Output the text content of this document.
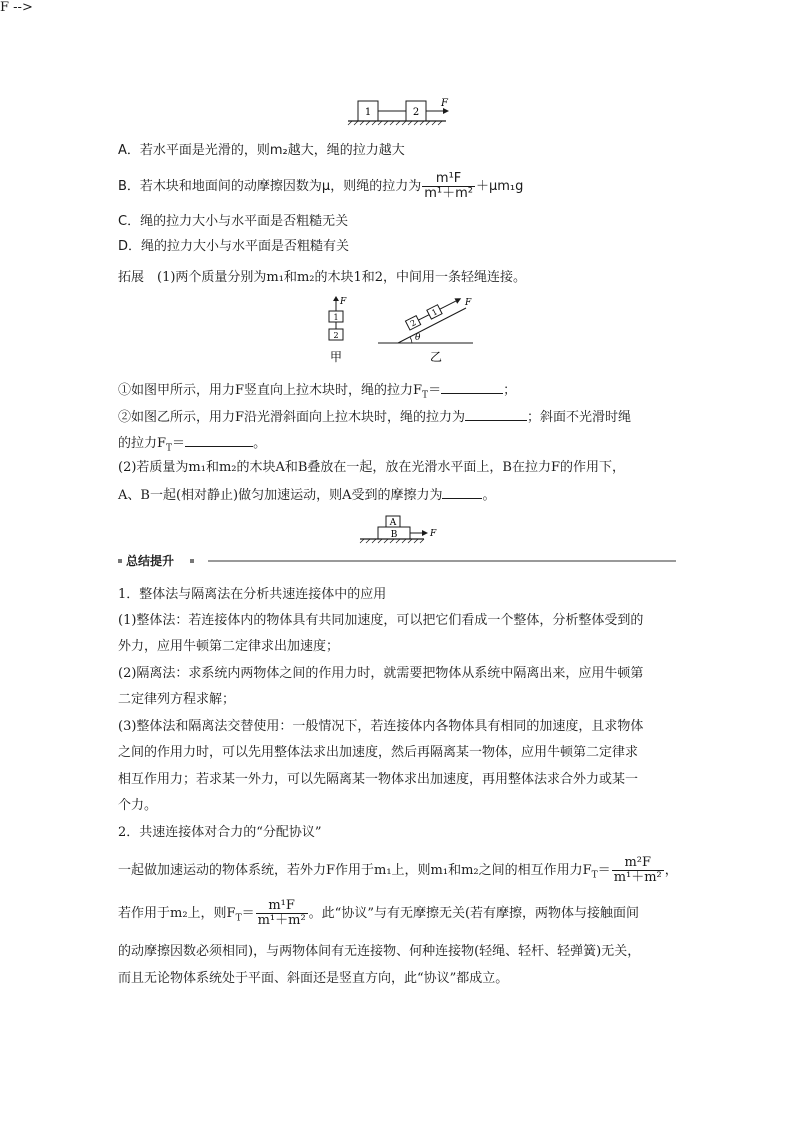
F -->
1	2
F
A．若水平面是光滑的，则m₂越大，绳的拉力越大
B．若木块和地面间的动摩擦因数为μ，则绳的拉力为 $\frac{\text{m¹F}}{\text{m¹＋m²}} +\mu m_1g$
C．绳的拉力大小与水平面是否粗糙无关
D．绳的拉力大小与水平面是否粗糙有关
拓展　(1)两个质量分别为m₁和m₂的木块1和2，中间用一条轻绳连接。
F
1
2
甲
2
1
F
θ
乙
①如图甲所示，用力F竖直向上拉木块时，绳的拉力$F_T=$	；
②如图乙所示，用力F沿光滑斜面向上拉木块时，绳的拉力为	；斜面不光滑时绳
的拉力$F_T=$	。
(2)若质量为m₁和m₂的木块A和B叠放在一起，放在光滑水平面上，B在拉力F的作用下，
A、B一起(相对静止)做匀加速运动，则A受到的摩擦力为	。
A
B	F
总结提升
1．整体法与隔离法在分析共速连接体中的应用
(1)整体法：若连接体内的物体具有共同加速度，可以把它们看成一个整体，分析整体受到的
外力，应用牛顿第二定律求出加速度；
(2)隔离法：求系统内两物体之间的作用力时，就需要把物体从系统中隔离出来，应用牛顿第
二定律列方程求解；
(3)整体法和隔离法交替使用：一般情况下，若连接体内各物体具有相同的加速度，且求物体
之间的作用力时，可以先用整体法求出加速度，然后再隔离某一物体，应用牛顿第二定律求
相互作用力；若求某一外力，可以先隔离某一物体求出加速度，再用整体法求合外力或某一
个力。
2．共速连接体对合力的“分配协议”
一起做加速运动的物体系统，若外力F作用于m₁上，则m₁和m₂之间的相互作用力$F_T= \frac{\text{m²F}}{\text{m¹＋m²}}$ ，
若作用于m₂上，则$F_T= \frac{\text{m¹F}}{\text{m¹＋m²}}$ 。此“协议”与有无摩擦无关(若有摩擦，两物体与接触面间
的动摩擦因数必须相同)，与两物体间有无连接物、何种连接物(轻绳、轻杆、轻弹簧)无关，
而且无论物体系统处于平面、斜面还是竖直方向，此“协议”都成立。
